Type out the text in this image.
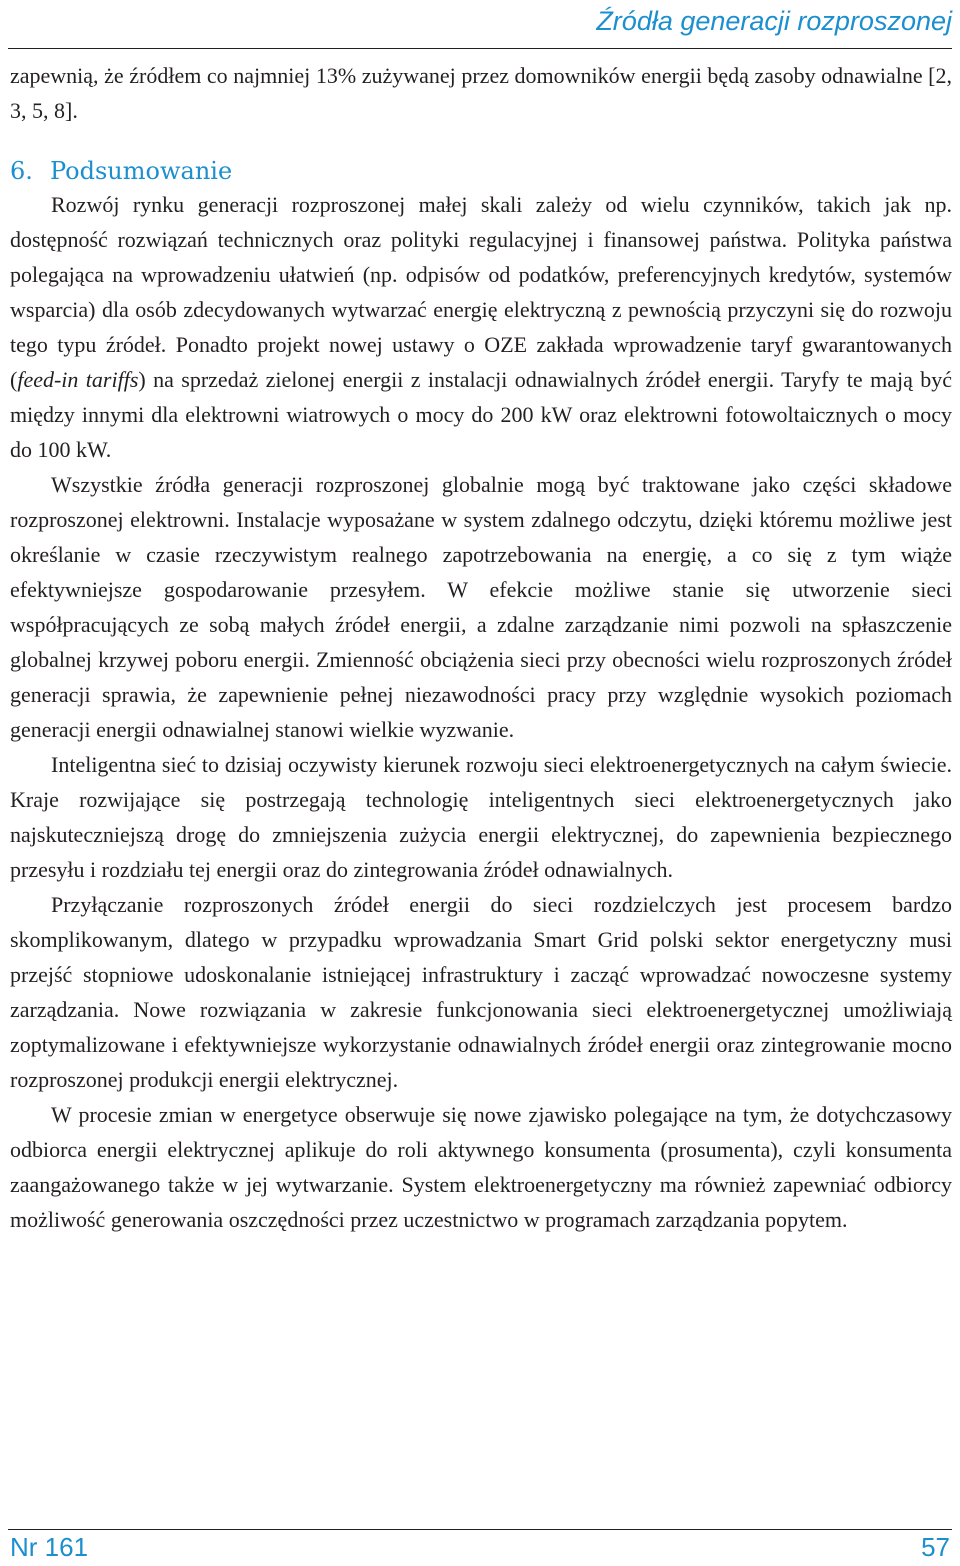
Źródła generacji rozproszonej

zapewnią, że źródłem co najmniej 13% zużywanej przez domowników energii będą zasoby odnawialne [2, 3, 5, 8].

6. Podsumowanie

Rozwój rynku generacji rozproszonej małej skali zależy od wielu czynników, takich jak np. dostępność rozwiązań technicznych oraz polityki regulacyjnej i finansowej państwa. Polityka państwa polegająca na wprowadzeniu ułatwień (np. odpisów od podatków, preferencyjnych kredytów, systemów wsparcia) dla osób zdecydowanych wytwarzać energię elektryczną z pewnością przyczyni się do rozwoju tego typu źródeł. Ponadto projekt nowej ustawy o OZE zakłada wprowadzenie taryf gwarantowanych (feed-in tariffs) na sprzedaż zielonej energii z instalacji odnawialnych źródeł energii. Taryfy te mają być między innymi dla elektrowni wiatrowych o mocy do 200 kW oraz elektrowni fotowoltaicznych o mocy do 100 kW.

Wszystkie źródła generacji rozproszonej globalnie mogą być traktowane jako części składowe rozproszonej elektrowni. Instalacje wyposażane w system zdalnego odczytu, dzięki któremu możliwe jest określanie w czasie rzeczywistym realnego zapotrzebowania na energię, a co się z tym wiąże efektywniejsze gospodarowanie przesyłem. W efekcie możliwe stanie się utworzenie sieci współpracujących ze sobą małych źródeł energii, a zdalne zarządzanie nimi pozwoli na spłaszczenie globalnej krzywej poboru energii. Zmienność obciążenia sieci przy obecności wielu rozproszonych źródeł generacji sprawia, że zapewnienie pełnej niezawodności pracy przy względnie wysokich poziomach generacji energii odnawialnej stanowi wielkie wyzwanie.

Inteligentna sieć to dzisiaj oczywisty kierunek rozwoju sieci elektroenergetycznych na całym świecie. Kraje rozwijające się postrzegają technologię inteligentnych sieci elektroenergetycznych jako najskuteczniejszą drogę do zmniejszenia zużycia energii elektrycznej, do zapewnienia bezpiecznego przesyłu i rozdziału tej energii oraz do zintegrowania źródeł odnawialnych.

Przyłączanie rozproszonych źródeł energii do sieci rozdzielczych jest procesem bardzo skomplikowanym, dlatego w przypadku wprowadzania Smart Grid polski sektor energetyczny musi przejść stopniowe udoskonalanie istniejącej infrastruktury i zacząć wprowadzać nowoczesne systemy zarządzania. Nowe rozwiązania w zakresie funkcjonowania sieci elektroenergetycznej umożliwiają zoptymalizowane i efektywniejsze wykorzystanie odnawialnych źródeł energii oraz zintegrowanie mocno rozproszonej produkcji energii elektrycznej.

W procesie zmian w energetyce obserwuje się nowe zjawisko polegające na tym, że dotychczasowy odbiorca energii elektrycznej aplikuje do roli aktywnego konsumenta (prosumenta), czyli konsumenta zaangażowanego także w jej wytwarzanie. System elektroenergetyczny ma również zapewniać odbiorcy możliwość generowania oszczędności przez uczestnictwo w programach zarządzania popytem.

Nr 161	57
